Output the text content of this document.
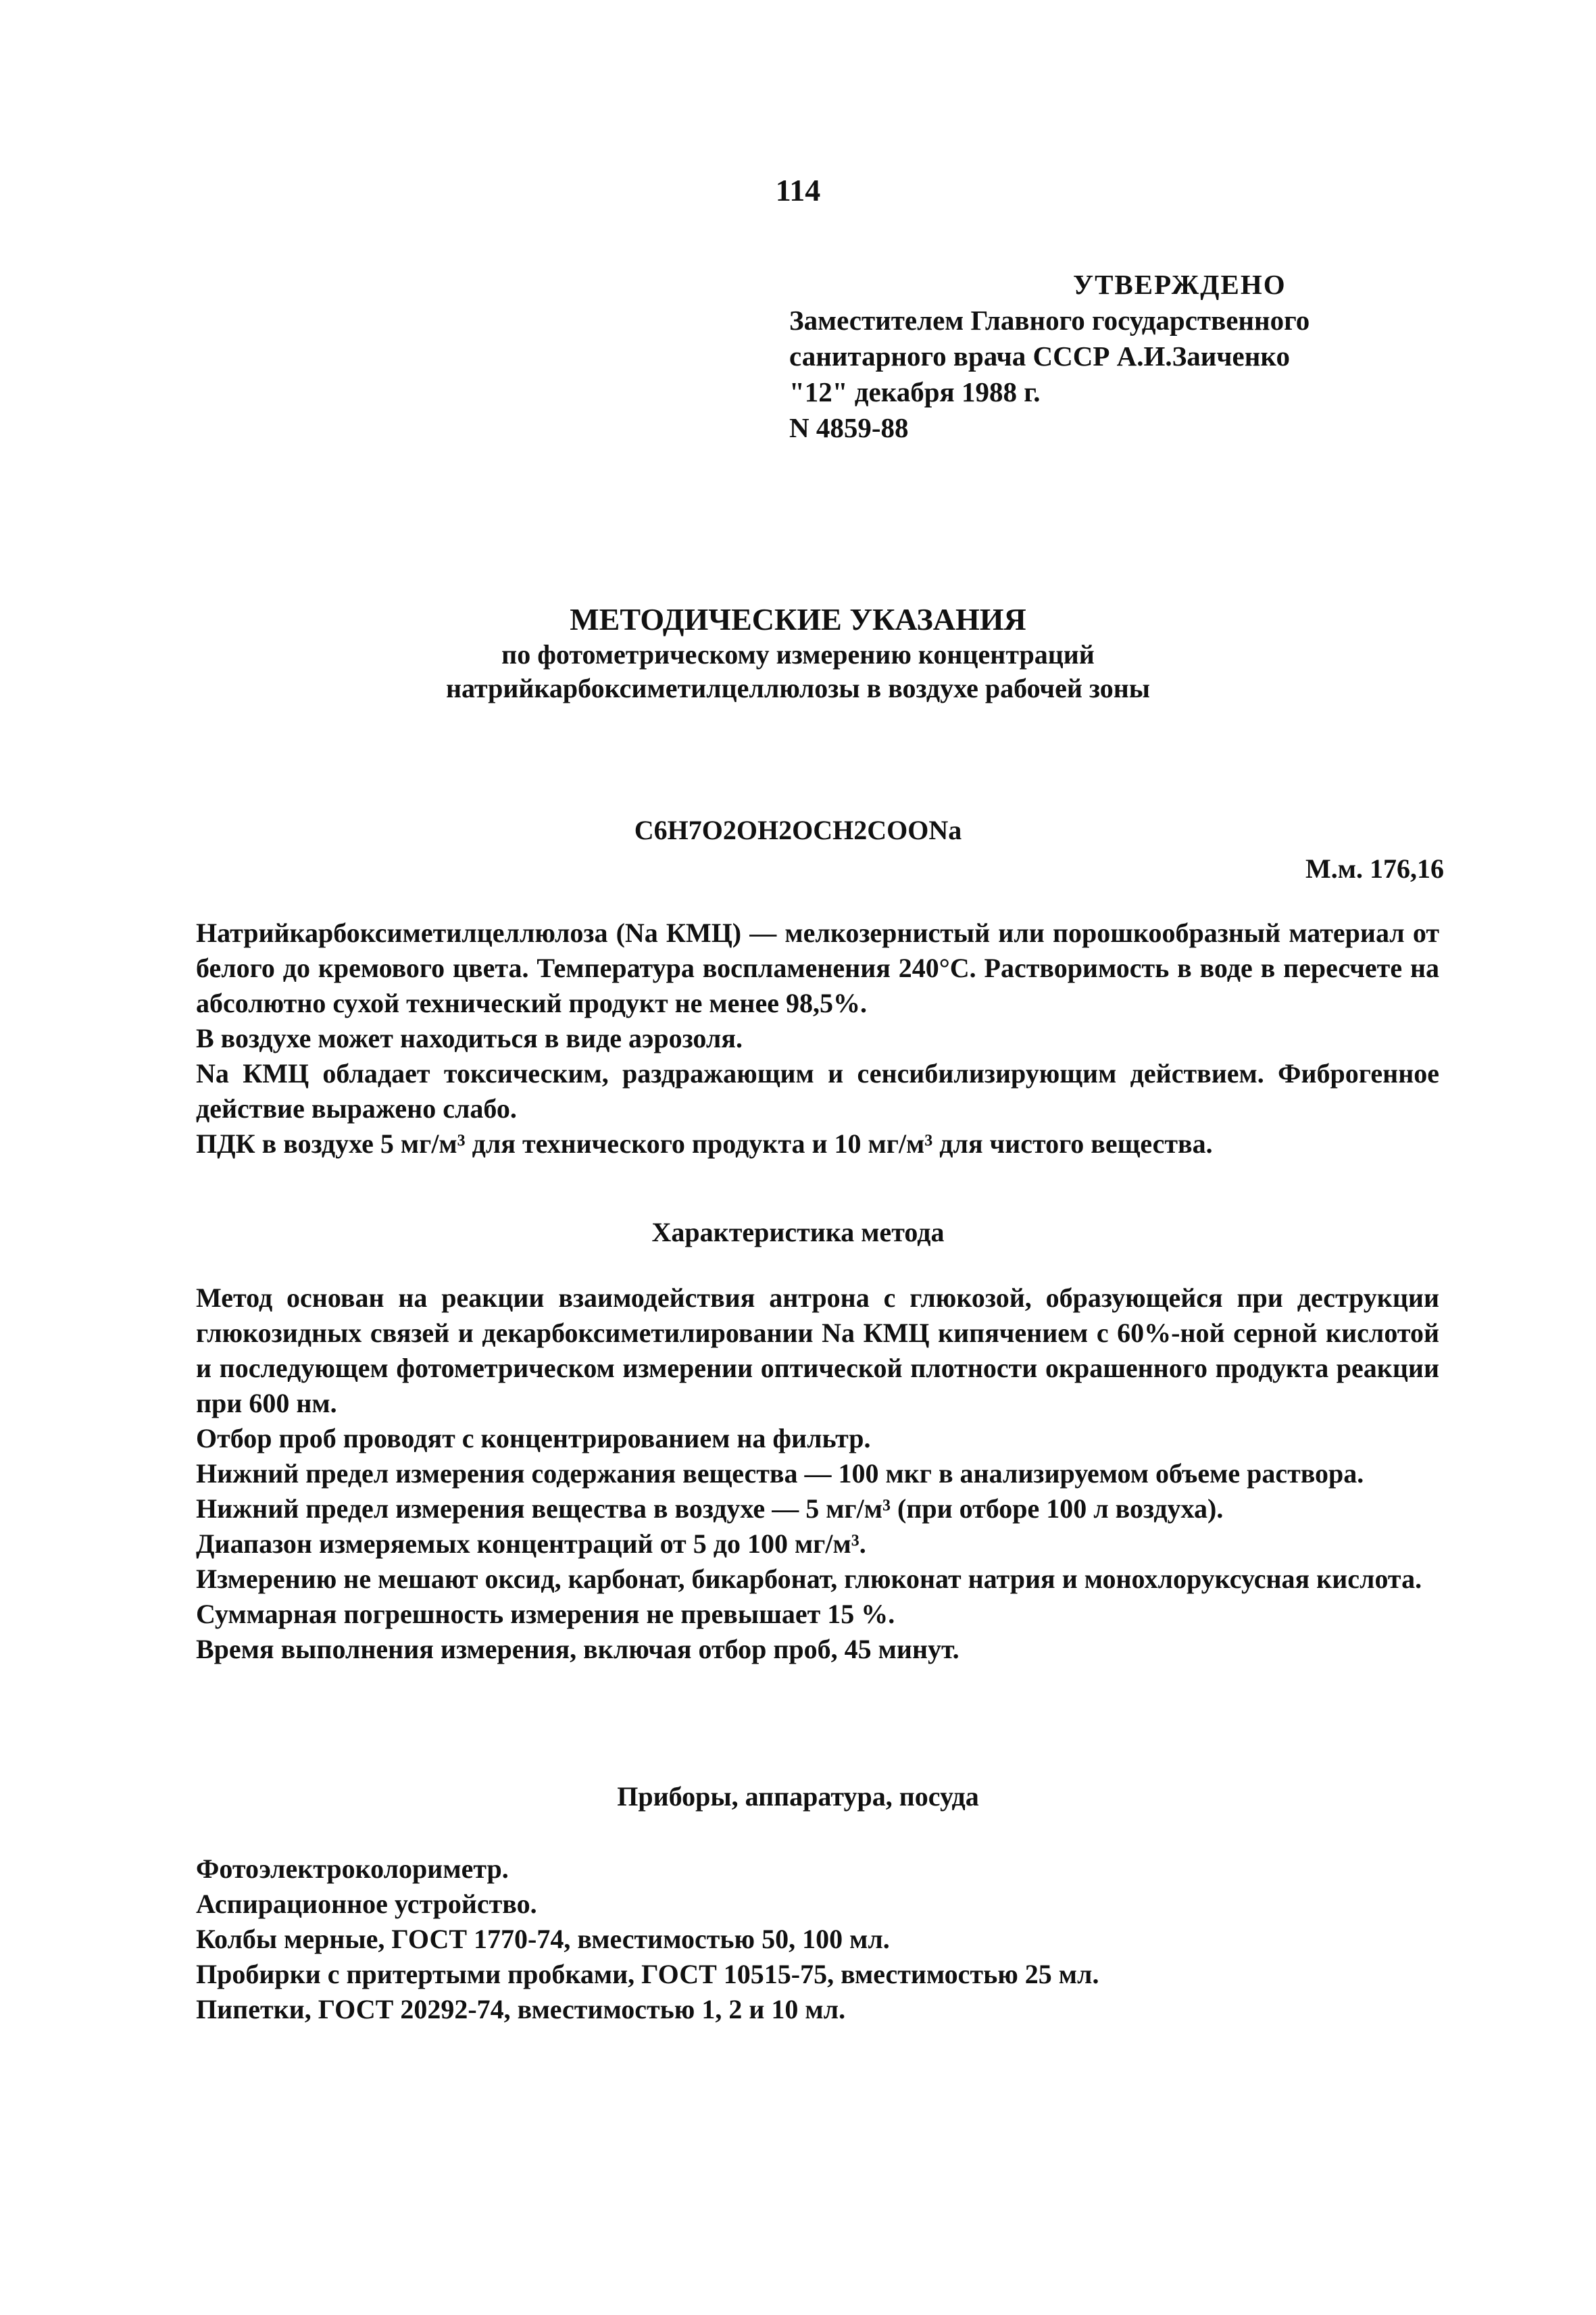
114
УТВЕРЖДЕНО
Заместителем Главного государственного
санитарного врача СССР А.И.Заиченко
"12" декабря 1988 г.
N 4859-88
МЕТОДИЧЕСКИЕ УКАЗАНИЯ
по фотометрическому измерению концентраций
натрийкарбоксиметилцеллюлозы в воздухе рабочей зоны
C6H7O2OH2OCH2COONa
М.м. 176,16

Натрийкарбоксиметилцеллюлоза (Na КМЦ) — мелкозернистый или порошкообразный материал от белого до кремового цвета. Температура воспламенения 240°С. Растворимость в воде в пересчете на абсолютно сухой технический продукт не менее 98,5%.

В воздухе может находиться в виде аэрозоля.

Na КМЦ обладает токсическим, раздражающим и сенсибилизирующим действием. Фиброгенное действие выражено слабо.

ПДК в воздухе 5 мг/м³ для технического продукта и 10 мг/м³ для чистого вещества.

Характеристика метода

Метод основан на реакции взаимодействия антрона с глюкозой, образующейся при деструкции глюкозидных связей и декарбоксиметилировании Na КМЦ кипячением с 60%-ной серной кислотой и последующем фотометрическом измерении оптической плотности окрашенного продукта реакции при 600 нм.

Отбор проб проводят с концентрированием на фильтр.

Нижний предел измерения содержания вещества — 100 мкг в анализируемом объеме раствора.

Нижний предел измерения вещества в воздухе — 5 мг/м³ (при отборе 100 л воздуха).

Диапазон измеряемых концентраций от 5 до 100 мг/м³.

Измерению не мешают оксид, карбонат, бикарбонат, глюконат натрия и монохлоруксусная кислота.

Суммарная погрешность измерения не превышает 15 %.

Время выполнения измерения, включая отбор проб, 45 минут.

Приборы, аппаратура, посуда

Фотоэлектроколориметр.

Аспирационное устройство.

Колбы мерные, ГОСТ 1770-74, вместимостью 50, 100 мл.

Пробирки с притертыми пробками, ГОСТ 10515-75, вместимостью 25 мл.

Пипетки, ГОСТ 20292-74, вместимостью 1, 2 и 10 мл.
